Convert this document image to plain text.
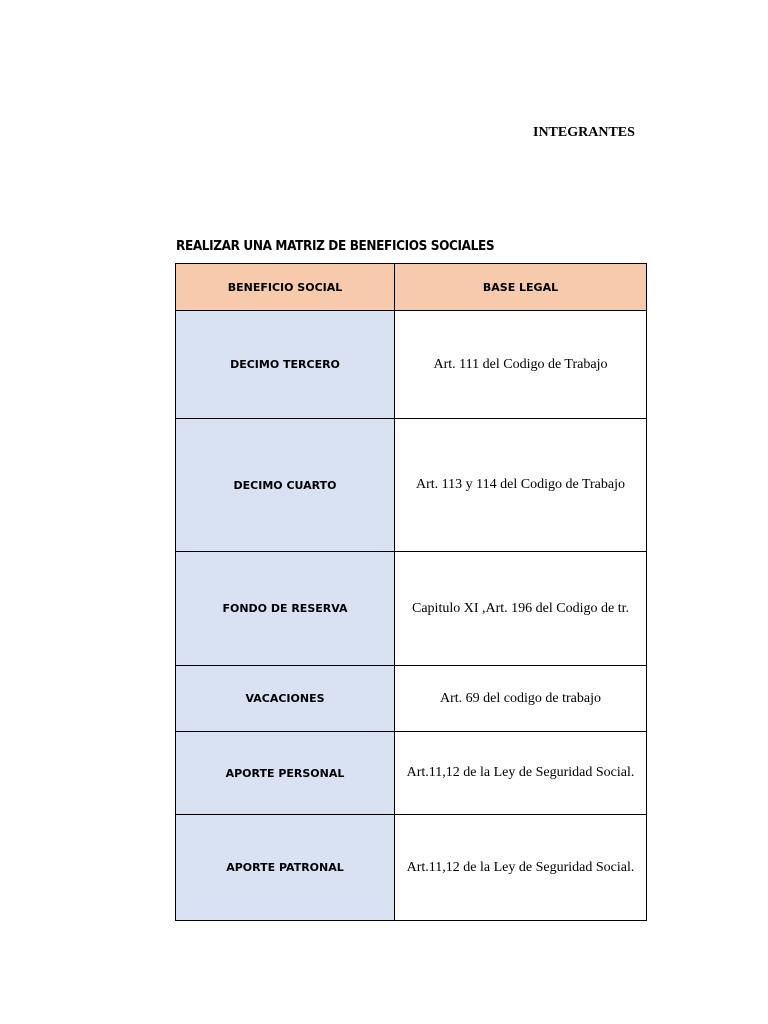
INTEGRANTES
REALIZAR UNA MATRIZ DE BENEFICIOS SOCIALES
BENEFICIO SOCIAL	BASE LEGAL
DECIMO TERCERO	Art. 111 del Codigo de Trabajo
DECIMO CUARTO	Art. 113 y 114 del Codigo de Trabajo
FONDO DE RESERVA	Capitulo XI ,Art. 196 del Codigo de tr.
VACACIONES	Art. 69 del codigo de trabajo
APORTE PERSONAL	Art.11,12 de la Ley de Seguridad Social.
APORTE PATRONAL	Art.11,12 de la Ley de Seguridad Social.
